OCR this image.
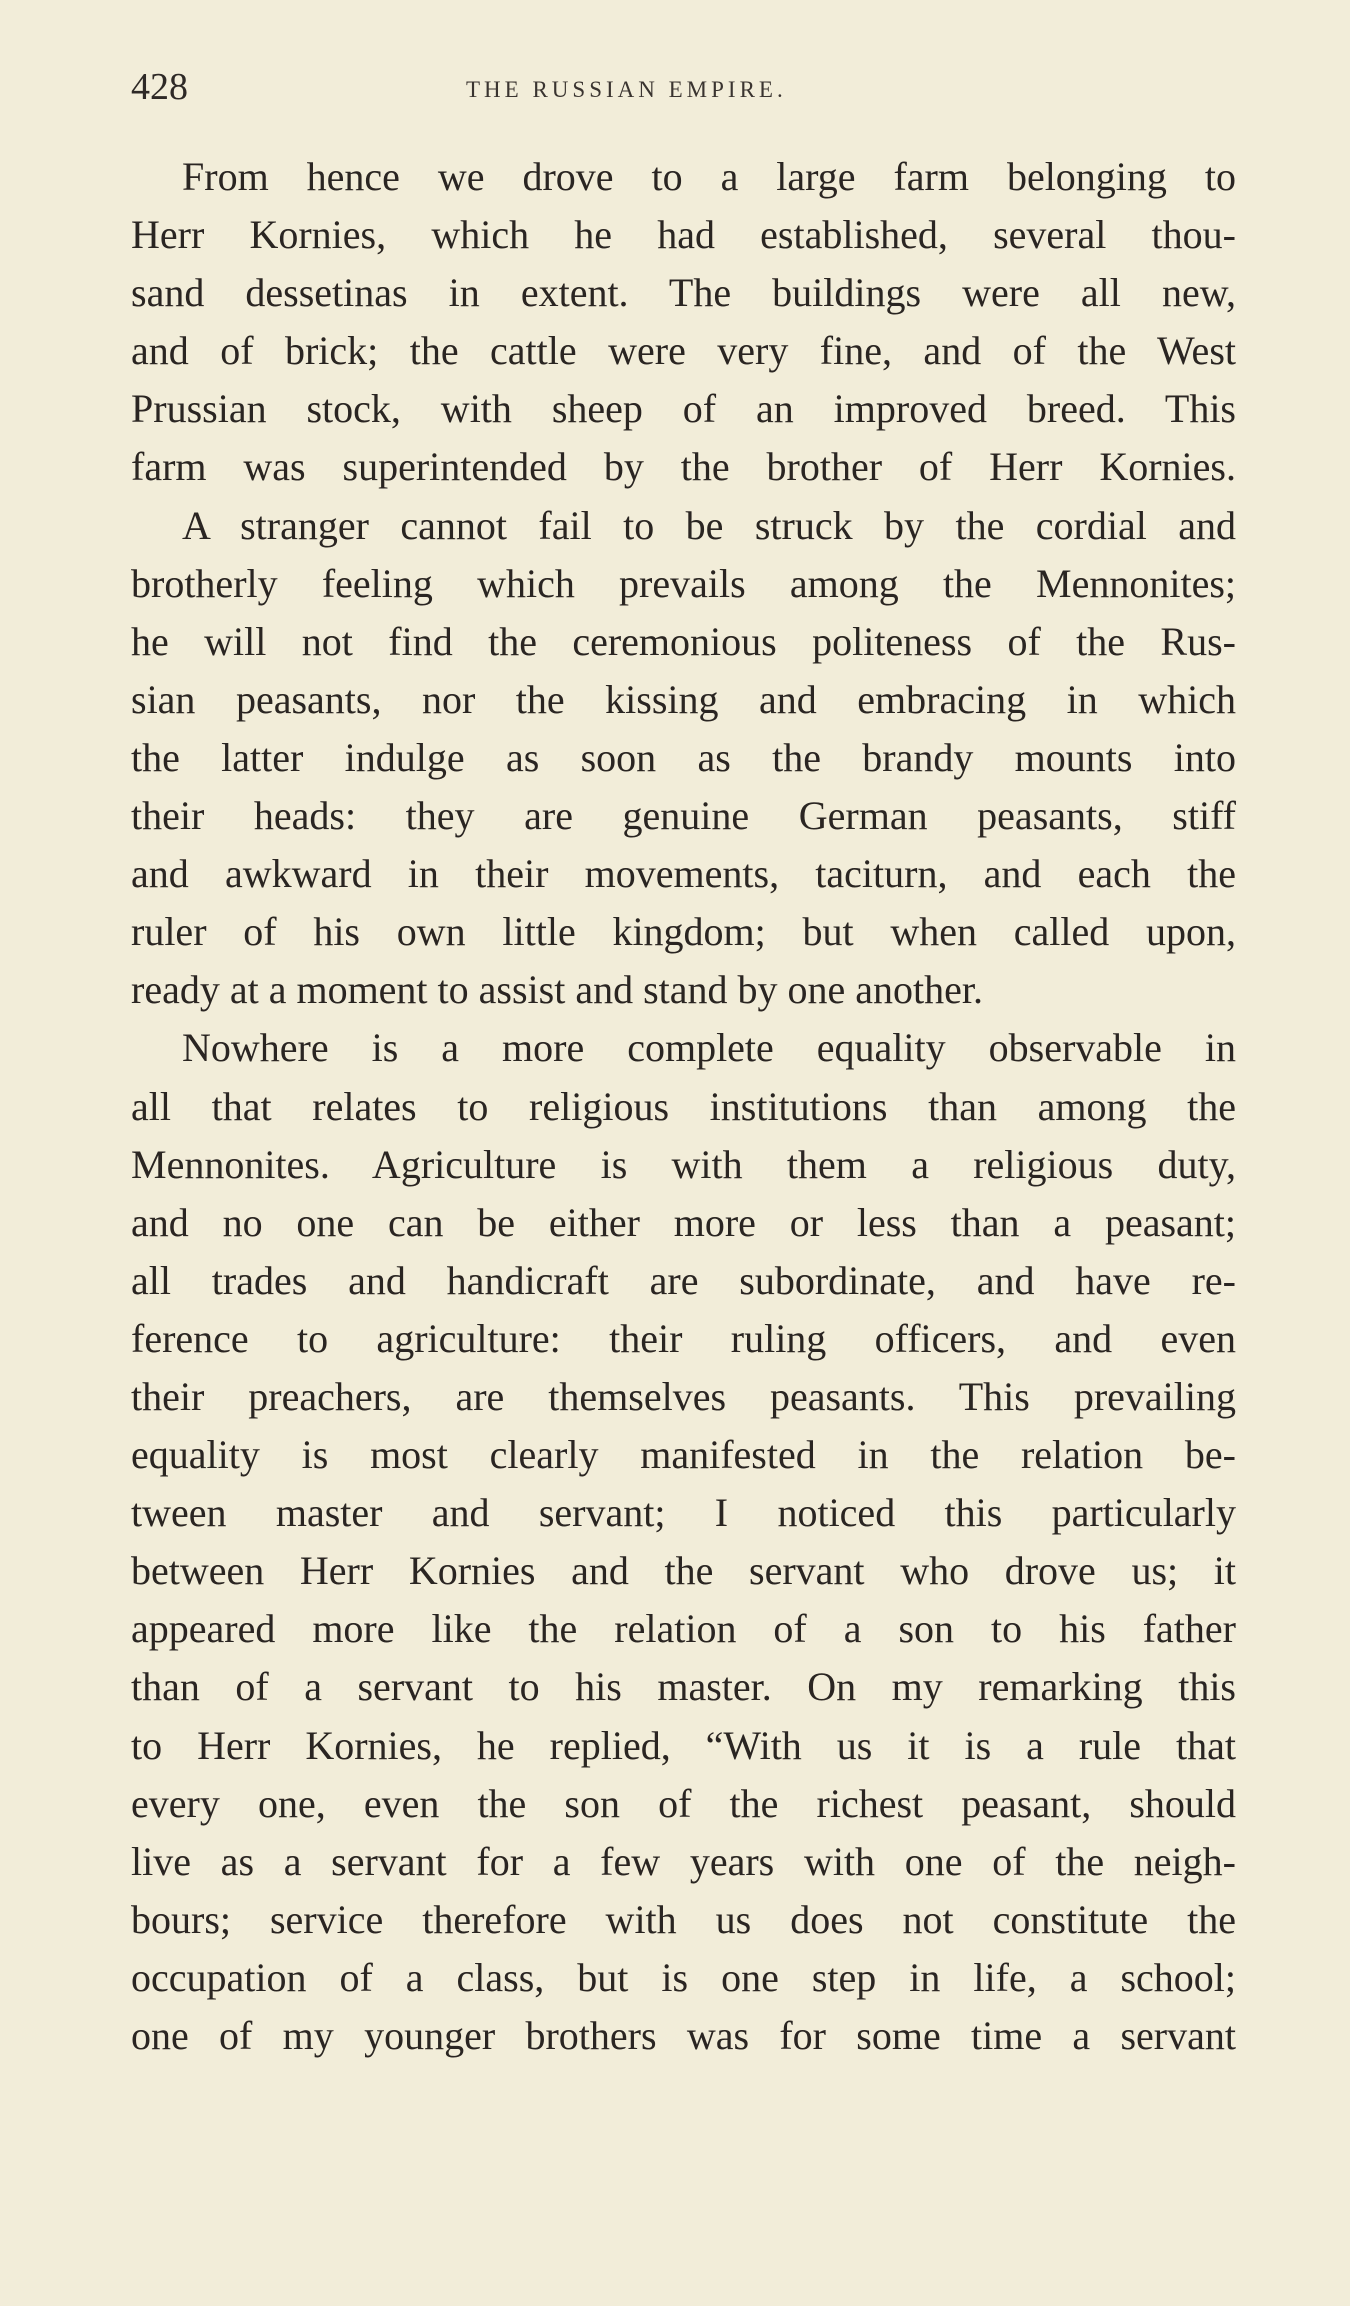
428	THE RUSSIAN EMPIRE.
From hence we drove to a large farm belonging to
Herr Kornies, which he had established, several thou-
sand dessetinas in extent. The buildings were all new,
and of brick; the cattle were very fine, and of the West
Prussian stock, with sheep of an improved breed. This
farm was superintended by the brother of Herr Kornies.
A stranger cannot fail to be struck by the cordial and
brotherly feeling which prevails among the Mennonites;
he will not find the ceremonious politeness of the Rus-
sian peasants, nor the kissing and embracing in which
the latter indulge as soon as the brandy mounts into
their heads: they are genuine German peasants, stiff
and awkward in their movements, taciturn, and each the
ruler of his own little kingdom; but when called upon,
ready at a moment to assist and stand by one another.
Nowhere is a more complete equality observable in
all that relates to religious institutions than among the
Mennonites. Agriculture is with them a religious duty,
and no one can be either more or less than a peasant;
all trades and handicraft are subordinate, and have re-
ference to agriculture: their ruling officers, and even
their preachers, are themselves peasants. This prevailing
equality is most clearly manifested in the relation be-
tween master and servant; I noticed this particularly
between Herr Kornies and the servant who drove us; it
appeared more like the relation of a son to his father
than of a servant to his master. On my remarking this
to Herr Kornies, he replied, “With us it is a rule that
every one, even the son of the richest peasant, should
live as a servant for a few years with one of the neigh-
bours; service therefore with us does not constitute the
occupation of a class, but is one step in life, a school;
one of my younger brothers was for some time a servant
